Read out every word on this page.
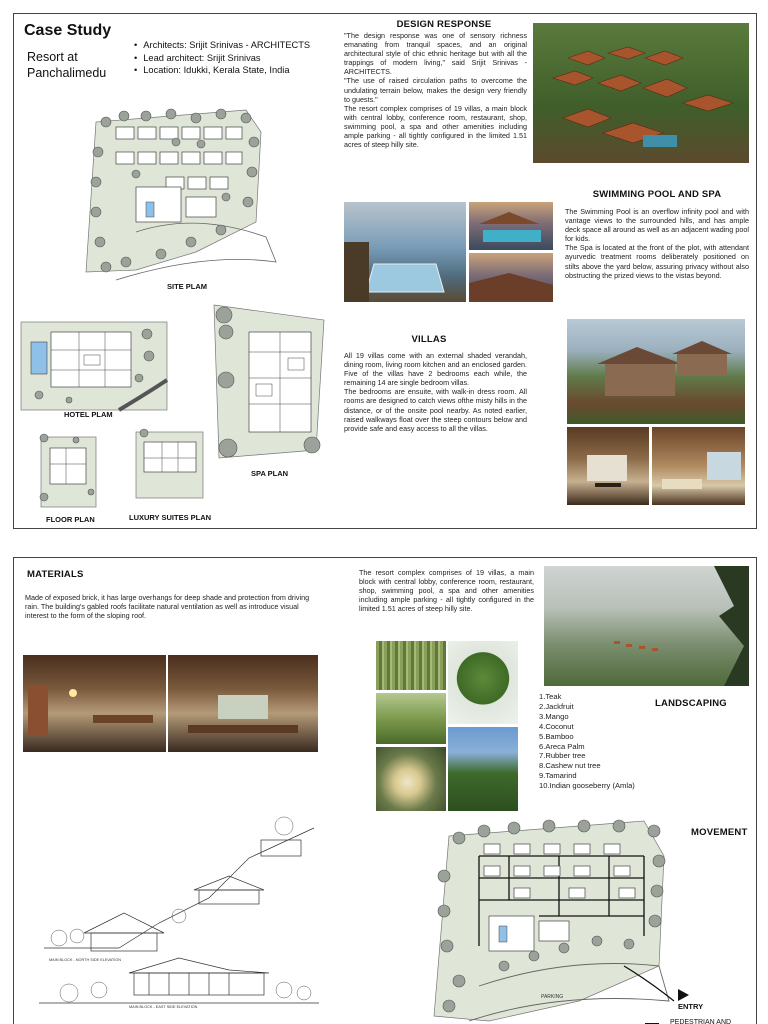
Case Study
Resort at
Panchalimedu
• Architects: Srijit Srinivas - ARCHITECTS
• Lead architect: Srijit Srinivas
• Location: Idukki, Kerala State, India
SITE PLAM
DESIGN RESPONSE

"The design response was one of sensory richness emanating from tranquil spaces, and an original architectural style of chic ethnic heritage but with all the trappings of modern living," said Srijit Srinivas - ARCHITECTS.

"The use of raised circulation paths to overcome the undulating terrain below, makes the design very friendly to guests."

The resort complex comprises of 19 villas, a main block with central lobby, conference room, restaurant, shop, swimming pool, a spa and other amenities including ample parking - all tightly configured in the limited 1.51 acres of steep hilly site.

SWIMMING POOL AND SPA

The Swimming Pool is an overflow infinity pool and with vantage views to the surrounded hills, and has ample deck space all around as well as an adjacent wading pool for kids.

The Spa is located at the front of the plot, with attendant ayurvedic treatment rooms deliberately positioned on stilts above the yard below, assuring privacy without also obstructing the prized views to the vistas beyond.

HOTEL PLAM
SPA PLAN
FLOOR PLAN	LUXURY SUITES PLAN
VILLAS

All 19 villas come with an external shaded verandah, dining room, living room kitchen and an enclosed garden. Five of the villas have 2 bedrooms each while, the remaining 14 are single bedroom villas.

The bedrooms are ensuite, with walk-in dress room. All rooms are designed to catch views ofthe misty hills in the distance, or of the onsite pool nearby. As noted earlier, raised walkways float over the steep contours below and provide safe and easy access to all the villas.

MATERIALS
Made of exposed brick, it has large overhangs for deep shade and protection from driving rain. The building's gabled roofs facilitate natural ventilation as well as introduce visual interest to the form of the sloping roof.
MAIN BLOCK - NORTH SIDE ELEVATION
MAIN BLOCK - EAST SIDE ELEVATION
The resort complex comprises of 19 villas, a main block with central lobby, conference room, restaurant, shop, swimming pool, a spa and other amenities including ample parking - all tightly configured in the limited 1.51 acres of steep hilly site.
1.Teak
2.Jackfruit
3.Mango
4.Coconut
5.Bamboo
6.Areca Palm
7.Rubber tree
8.Cashew nut tree
9.Tamarind
10.Indian gooseberry (Amla)
LANDSCAPING
MOVEMENT
PARKING
ENTRY
PEDESTRIAN AND
